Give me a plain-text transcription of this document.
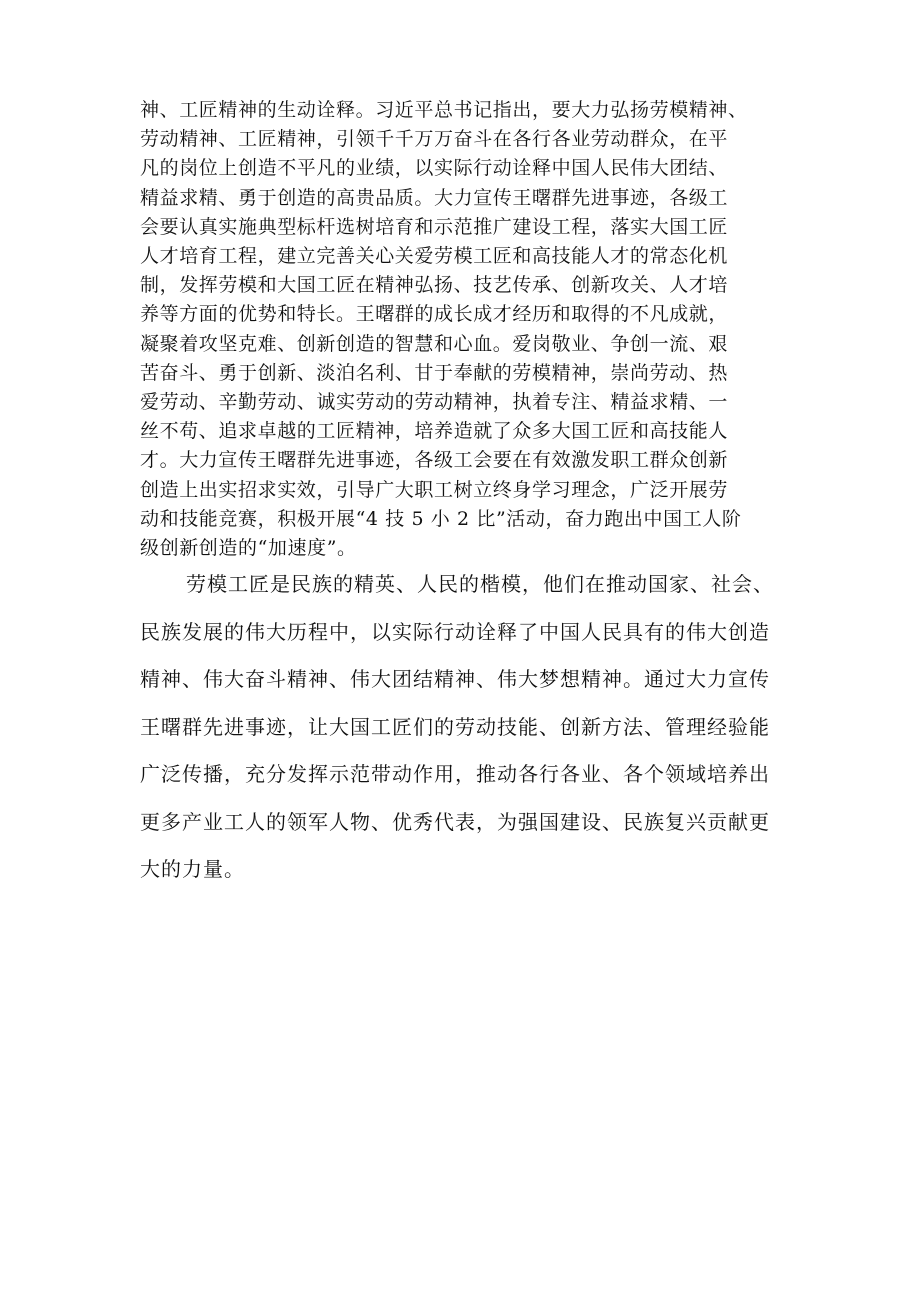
神、工匠精神的生动诠释。习近平总书记指出，要大力弘扬劳模精神、
劳动精神、工匠精神，引领千千万万奋斗在各行各业劳动群众，在平
凡的岗位上创造不平凡的业绩，以实际行动诠释中国人民伟大团结、
精益求精、勇于创造的高贵品质。大力宣传王曙群先进事迹，各级工
会要认真实施典型标杆选树培育和示范推广建设工程，落实大国工匠
人才培育工程，建立完善关心关爱劳模工匠和高技能人才的常态化机
制，发挥劳模和大国工匠在精神弘扬、技艺传承、创新攻关、人才培
养等方面的优势和特长。王曙群的成长成才经历和取得的不凡成就，
凝聚着攻坚克难、创新创造的智慧和心血。爱岗敬业、争创一流、艰
苦奋斗、勇于创新、淡泊名利、甘于奉献的劳模精神，崇尚劳动、热
爱劳动、辛勤劳动、诚实劳动的劳动精神，执着专注、精益求精、一
丝不苟、追求卓越的工匠精神，培养造就了众多大国工匠和高技能人
才。大力宣传王曙群先进事迹，各级工会要在有效激发职工群众创新
创造上出实招求实效，引导广大职工树立终身学习理念，广泛开展劳
动和技能竞赛，积极开展“4 技 5 小 2 比”活动，奋力跑出中国工人阶
级创新创造的“加速度”。

劳模工匠是民族的精英、人民的楷模，他们在推动国家、社会、
民族发展的伟大历程中，以实际行动诠释了中国人民具有的伟大创造
精神、伟大奋斗精神、伟大团结精神、伟大梦想精神。通过大力宣传
王曙群先进事迹，让大国工匠们的劳动技能、创新方法、管理经验能
广泛传播，充分发挥示范带动作用，推动各行各业、各个领域培养出
更多产业工人的领军人物、优秀代表，为强国建设、民族复兴贡献更
大的力量。
